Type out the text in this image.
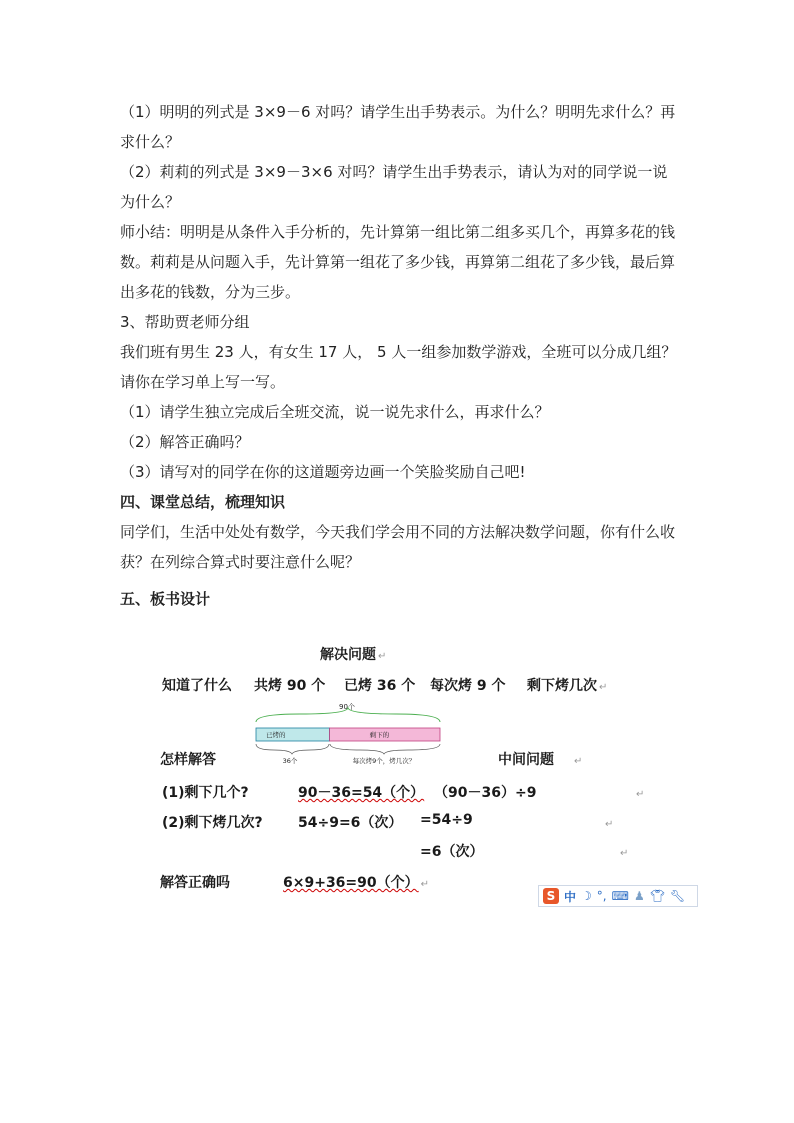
（1）明明的列式是 3×9－6 对吗？请学生出手势表示。为什么？明明先求什么？再求什么？
（2）莉莉的列式是 3×9－3×6 对吗？请学生出手势表示，请认为对的同学说一说为什么？
师小结：明明是从条件入手分析的，先计算第一组比第二组多买几个，再算多花的钱数。莉莉是从问题入手，先计算第一组花了多少钱，再算第二组花了多少钱，最后算出多花的钱数，分为三步。
3、帮助贾老师分组
我们班有男生 23 人，有女生 17 人， 5 人一组参加数学游戏，全班可以分成几组？请你在学习单上写一写。
（1）请学生独立完成后全班交流，说一说先求什么，再求什么？
（2）解答正确吗？
（3）请写对的同学在你的这道题旁边画一个笑脸奖励自己吧!
四、课堂总结，梳理知识
同学们，生活中处处有数学，今天我们学会用不同的方法解决数学问题，你有什么收获？在列综合算式时要注意什么呢？
五、板书设计
解决问题 ↵
知道了什么 共烤 90 个 已烤 36 个 每次烤 9 个 剩下烤几次 ↵
90个
已烤的	剩下的
36个	每次烤9个，烤几次？
怎样解答	中间问题 ↵
(1)剩下几个?	90－36=54（个） （90－36）÷9	↵
(2)剩下烤几次?	54÷9=6（次） =54÷9	↵
=6（次）	↵
解答正确吗	6×9+36=90（个） ↵
S 中 ☽ °, ⌨ ♟ 👕︎ 🔧︎
